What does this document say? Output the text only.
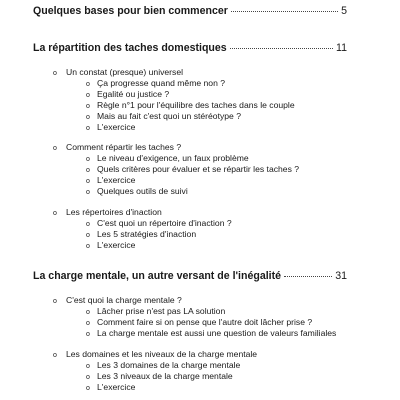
Quelques bases pour bien commencer	5
La répartition des taches domestiques	11
o Un constat (presque) universel
o Ça progresse quand même non ?
o Egalité ou justice ?
o Règle n°1 pour l'équilibre des taches dans le couple
o Mais au fait c'est quoi un stéréotype ?
o L'exercice
o Comment répartir les taches ?
o Le niveau d'exigence, un faux problème
o Quels critères pour évaluer et se répartir les taches ?
o L'exercice
o Quelques outils de suivi
o Les répertoires d'inaction
o C'est quoi un répertoire d'inaction ?
o Les 5 stratégies d'inaction
o L'exercice
La charge mentale, un autre versant de l'inégalité	31
o C'est quoi la charge mentale ?
o Lâcher prise n'est pas LA solution
o Comment faire si on pense que l'autre doit lâcher prise ?
o La charge mentale est aussi une question de valeurs familiales
o Les domaines et les niveaux de la charge mentale
o Les 3 domaines de la charge mentale
o Les 3 niveaux de la charge mentale
o L'exercice
